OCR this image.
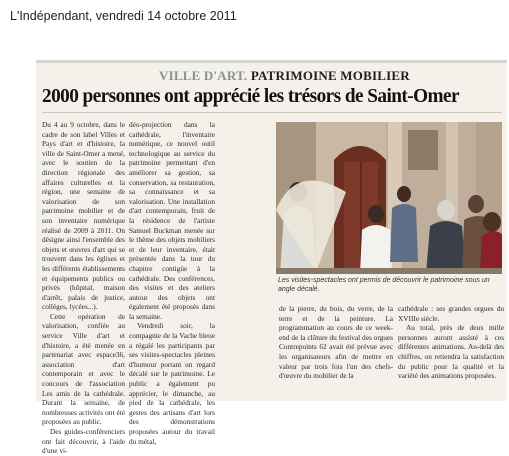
L'Indépendant, vendredi 14 octobre 2011
VILLE D'ART. PATRIMOINE MOBILIER
2000 personnes ont apprécié les trésors de Saint-Omer

Du 4 au 9 octobre, dans le cadre de son label Villes et Pays d'art et d'histoire, la ville de Saint-Omer a mené, avec le soutien de la direction régionale des affaires culturelles et la région, une semaine de valorisation de son patrimoine mobilier et de son inventaire numérique réalisé de 2009 à 2011. On désigne ainsi l'ensemble des objets et œuvres d'art qui se trouvent dans les églises et les différents établissements et équipements publics ou privés (hôpital, maison d'arrêt, palais de justice, collèges, lycées...).

Cette opération de valorisation, confiée au service Ville d'art et d'histoire, a été menée en partenariat avec espace36, association d'art contemporain et avec le concours de l'association Les amis de la cathédrale. Durant la semaine, de nombreuses activités ont été proposées au public.

Des guides-conférenciers ont fait découvrir, à l'aide d'une vi-

déo-projection dans la cathédrale, l'inventaire numérique, ce nouvel outil technologique au service du patrimoine permettant d'en améliorer sa gestion, sa conservation, sa restauration, sa connaissance et sa valorisation. Une installation d'art contemporain, fruit de la résidence de l'artiste Samuel Buckman menée sur le thème des objets mobiliers et de leur inventaire, était présentée dans la tour du chapitre contigüe à la cathédrale. Des conférences, des visites et des ateliers autour des objets ont également été proposés dans la semaine.

Vendredi soir, la compagnie de la Vache bleue a régalé les participants par ses visites-spectacles pleines d'humour portant un regard décalé sur le patrimoine. Le public a également pu apprécier, le dimanche, au pied de la cathédrale, les gestes des artisans d'art lors des démonstrations proposées autour du travail du métal,

Les visites-spectacles ont permis de découvrir le patrimoine sous un angle décalé.

de la pierre, du bois, du verre, de la terre et de la peinture. La programmation au cours de ce week-end de la clôture du festival des orgues Contrepoints 62 avait été prévue avec les organisateurs afin de mettre en valeur par trois fois l'un des chefs-d'œuvre du mobilier de la

cathédrale : ses grandes orgues du XVIIIe siècle.

Au total, près de deux mille personnes auront assisté à ces différentes animations. Au-delà des chiffres, on retiendra la satisfaction du public pour la qualité et la variété des animations proposées.
